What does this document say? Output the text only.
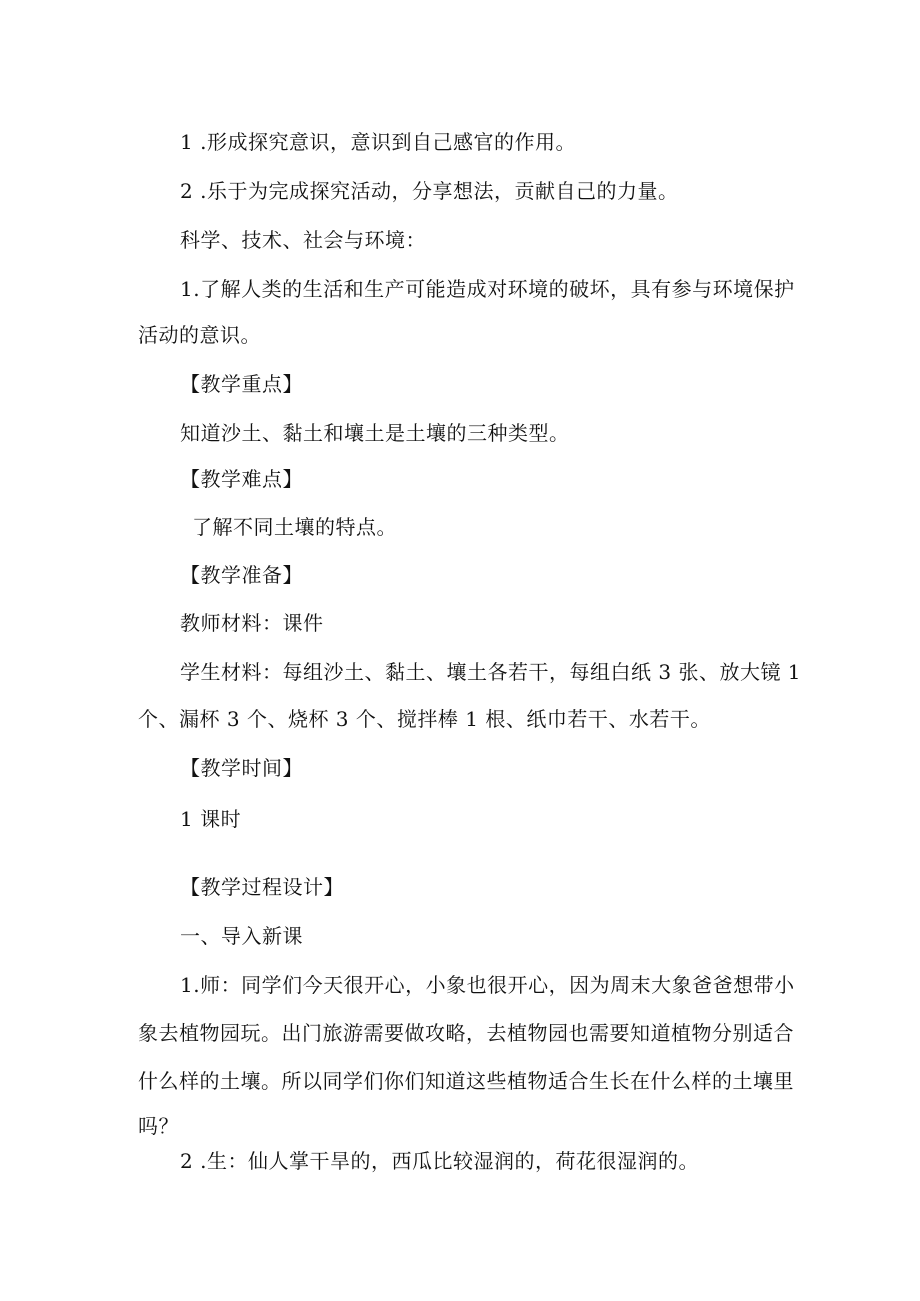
1 .形成探究意识，意识到自己感官的作用。
2 .乐于为完成探究活动，分享想法，贡献自己的力量。
科学、技术、社会与环境：
1.了解人类的生活和生产可能造成对环境的破坏，具有参与环境保护
活动的意识。
【教学重点】
知道沙土、黏土和壤土是土壤的三种类型。
【教学难点】
了解不同土壤的特点。
【教学准备】
教师材料：课件
学生材料：每组沙土、黏土、壤土各若干，每组白纸 3 张、放大镜 1
个、漏杯 3 个、烧杯 3 个、搅拌棒 1 根、纸巾若干、水若干。
【教学时间】
1 课时
【教学过程设计】
一、导入新课
1.师：同学们今天很开心，小象也很开心，因为周末大象爸爸想带小
象去植物园玩。出门旅游需要做攻略，去植物园也需要知道植物分别适合
什么样的土壤。所以同学们你们知道这些植物适合生长在什么样的土壤里
吗？
2 .生：仙人掌干旱的，西瓜比较湿润的，荷花很湿润的。
